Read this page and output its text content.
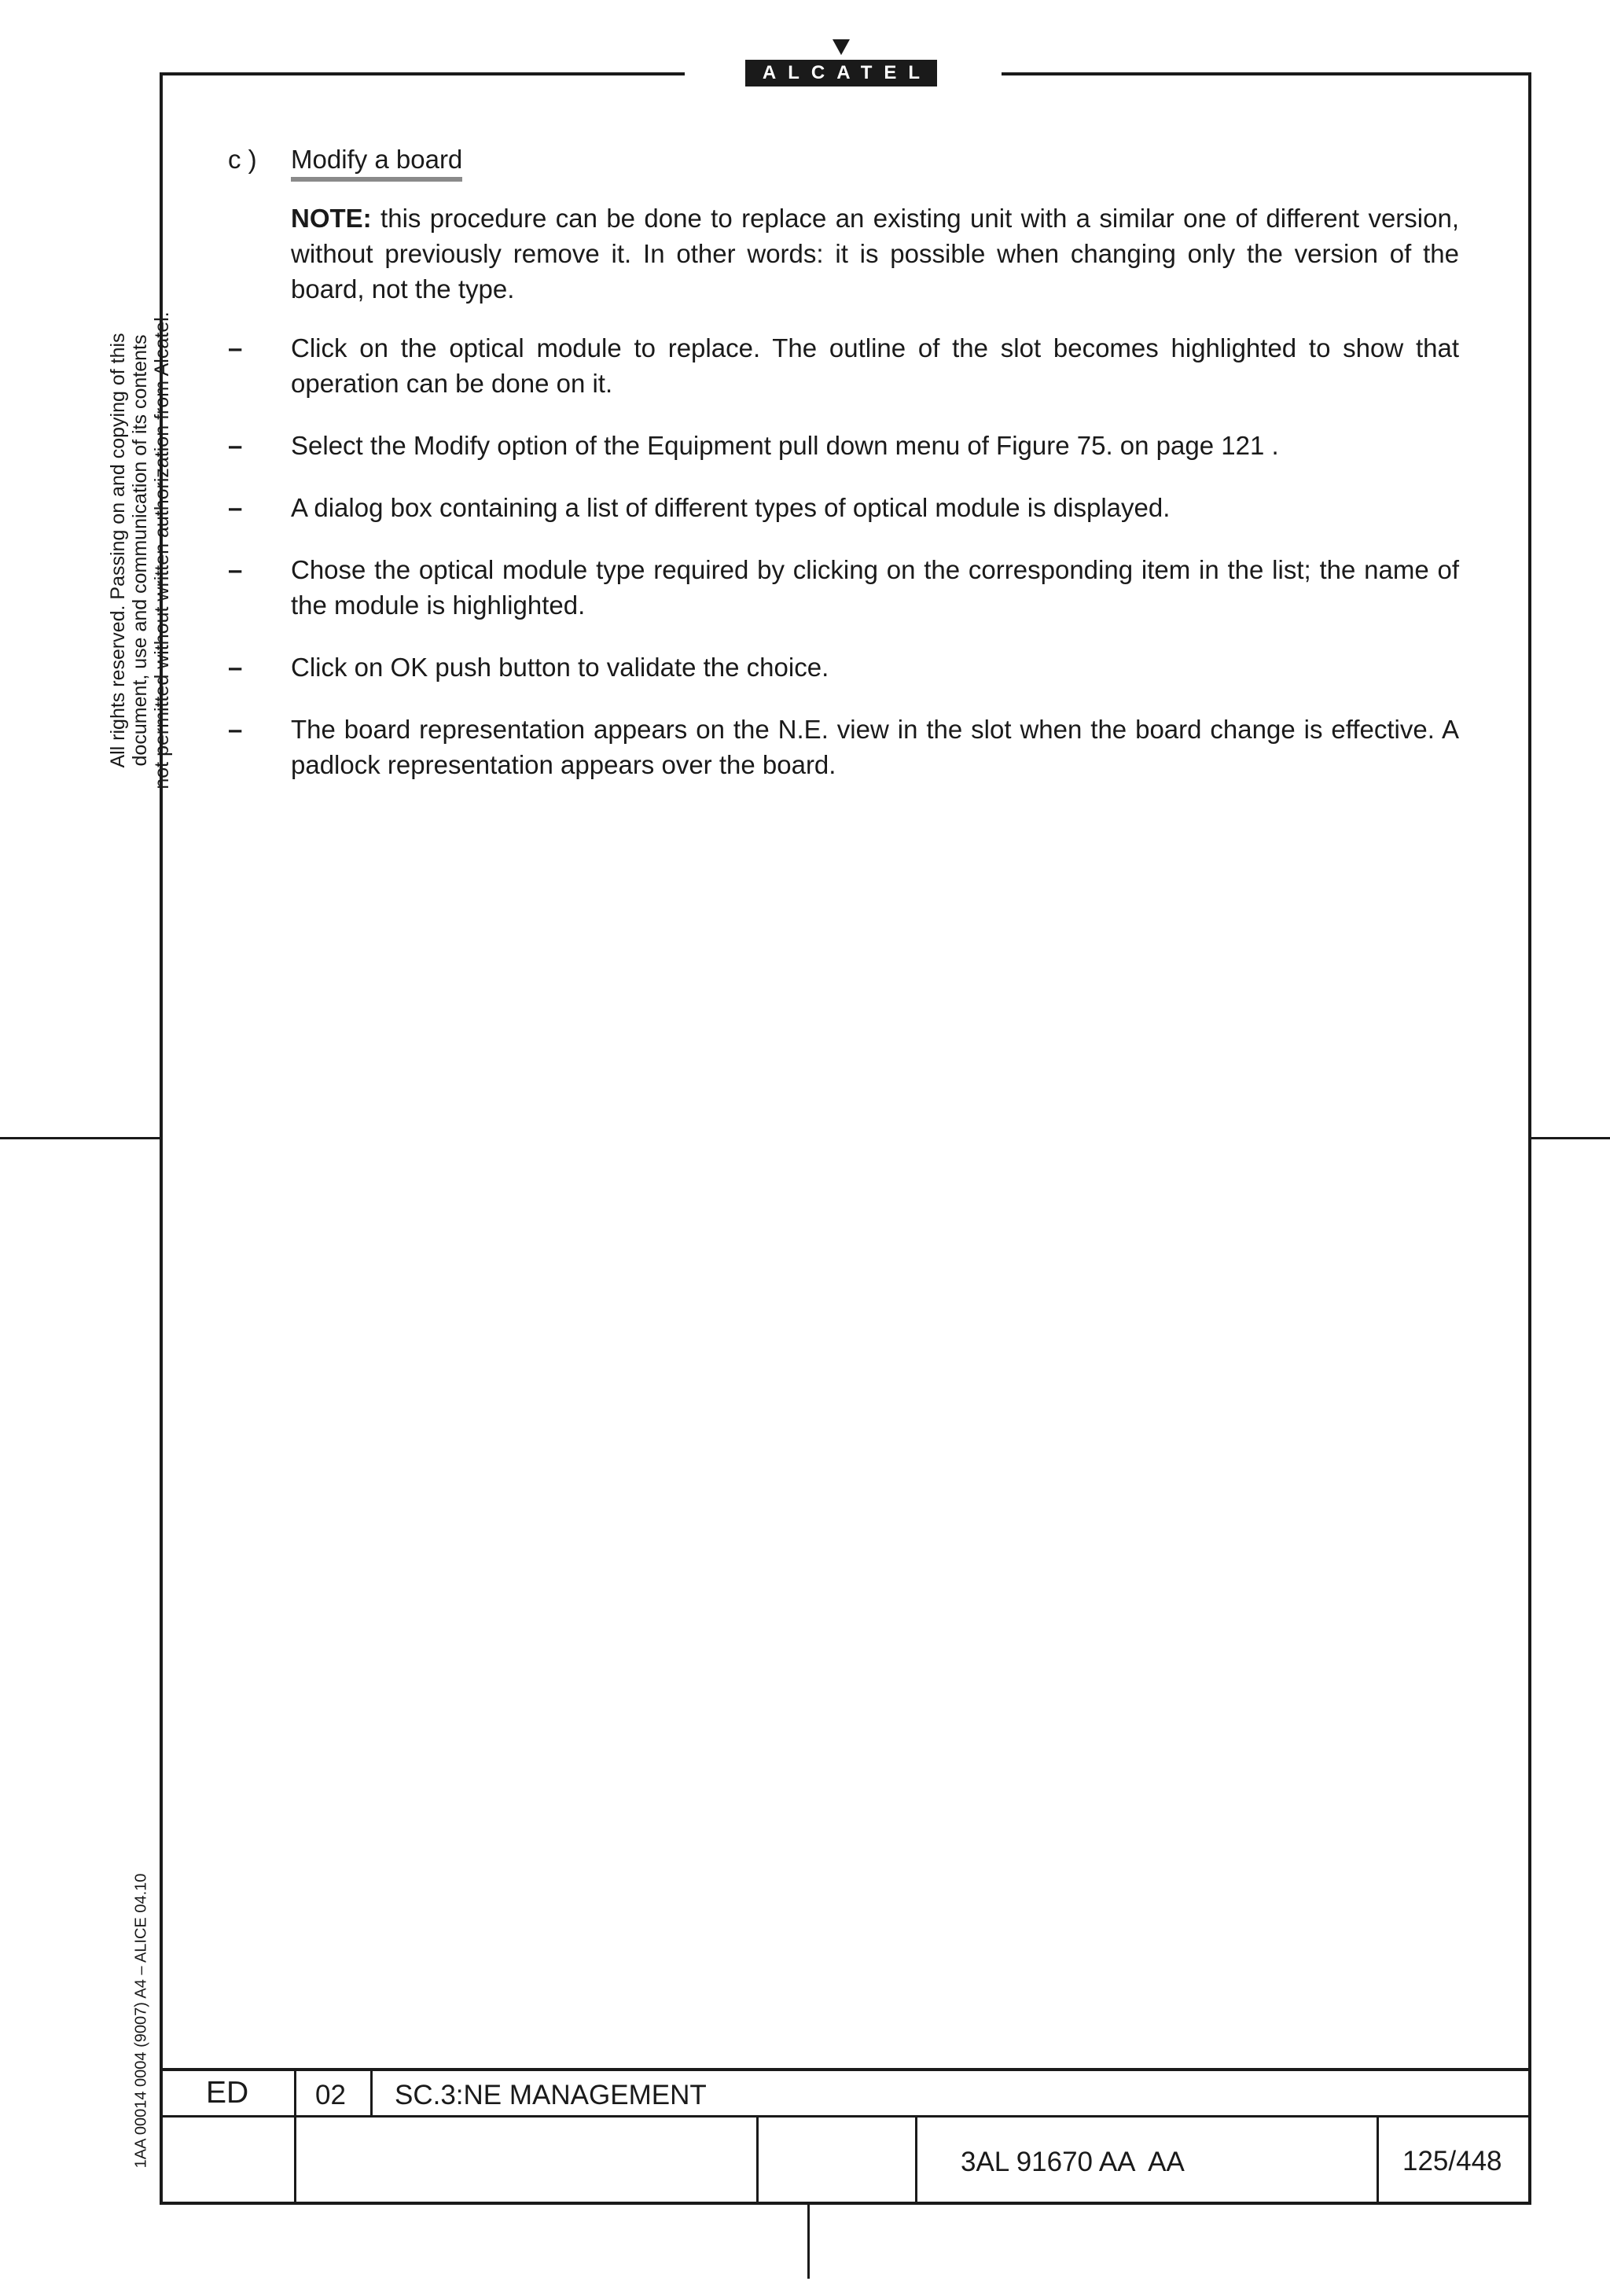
ALCATEL
All rights reserved. Passing on and copying of this document, use and communication of its contents not permitted without written authorization from Alcatel.
1AA 00014 0004 (9007) A4 – ALICE 04.10
c )	Modify a board
NOTE: this procedure can be done to replace an existing unit with a similar one of different version, without previously remove it. In other words: it is possible when changing only the version of the board, not the type.
–	Click on the optical module to replace. The outline of the slot becomes highlighted to show that operation can be done on it.
–	Select the Modify option of the Equipment pull down menu of Figure 75. on page 121 .
–	A dialog box containing a list of different types of optical module is displayed.
–	Chose the optical module type required by clicking on the corresponding item in the list; the name of the module is highlighted.
–	Click on OK push button to validate the choice.
–	The board representation appears on the N.E. view in the slot when the board change is effective. A padlock representation appears over the board.
ED 02 SC.3:NE MANAGEMENT
3AL 91670 AA  AA	125/448
